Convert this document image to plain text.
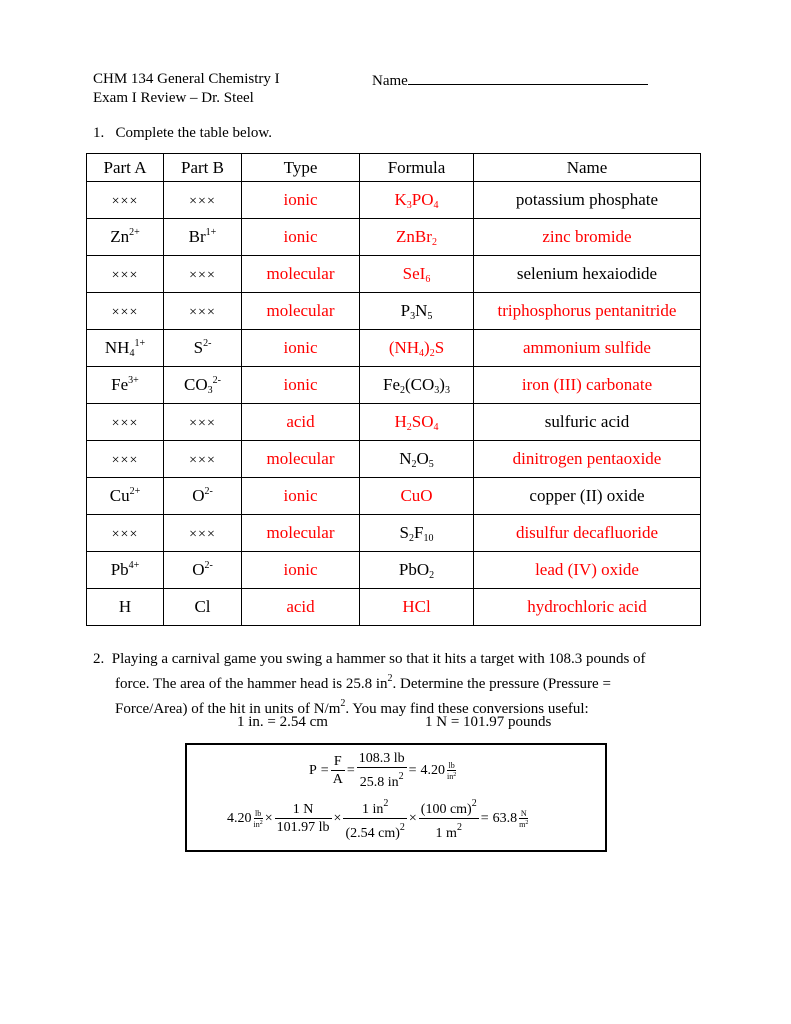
CHM 134 General Chemistry I
Exam I Review – Dr. Steel
Name
1. Complete the table below.
Part A	Part B	Type	Formula	Name
×××	×××	ionic	$K_3PO_4$	potassium phosphate
$Zn^{2+}$	$Br^{1+}$	ionic	ZnBr$_2$	zinc bromide
×××	×××	molecular	SeI$_6$	selenium hexaiodide
×××	×××	molecular	$P_3N_5$	triphosphorus pentanitride
$NH_4^{1+}$	$S^{2-}$	ionic	$(NH_4)_2S$	ammonium sulfide
$Fe^{3+}$	$CO_3^{2-}$	ionic	$Fe_2(CO_3)_3$	iron (III) carbonate
×××	×××	acid	$H_2SO_4$	sulfuric acid
×××	×××	molecular	$N_2O_5$	dinitrogen pentaoxide
$Cu^{2+}$	$O^{2-}$	ionic	CuO	copper (II) oxide
×××	×××	molecular	$S_2F_{10}$	disulfur decafluoride
$Pb^{4+}$	$O^{2-}$	ionic	PbO$_2$	lead (IV) oxide
H	Cl	acid	HCl	hydrochloric acid
2. Playing a carnival game you swing a hammer so that it hits a target with 108.3 pounds of
force. The area of the hammer head is 25.8 $in^2$. Determine the pressure (Pressure =
Force/Area) of the hit in units of $N/m^2$. You may find these conversions useful:
1 in. = 2.54 cm	1 N = 101.97 pounds
$P = \frac{F}{A} = \frac{108.3 lb}{25.8 in^2} = 4.20 \frac{lb}{in^2}$
$4.20 \frac{lb}{in^2} \times \frac{1 N}{101.97 lb} \times \frac{1 in^2}{(2.54 cm)^2} \times \frac{(100 cm)^2}{1 m^2} = 63.8 \frac{N}{m^2}$
